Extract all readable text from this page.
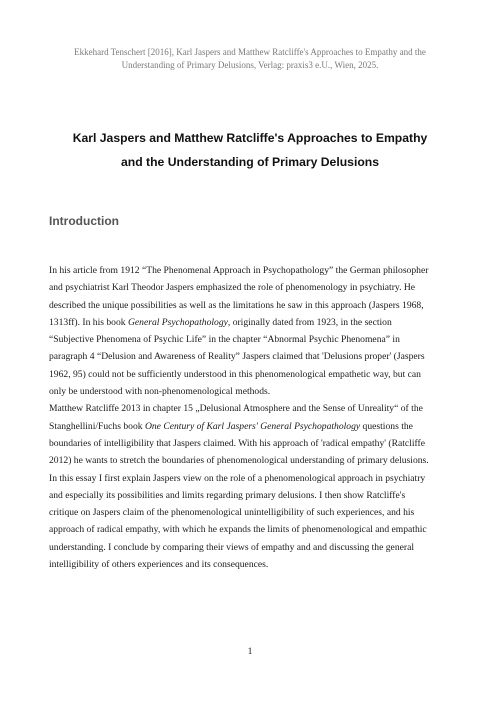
Ekkehard Tenschert [2016], Karl Jaspers and Matthew Ratcliffe's Approaches to Empathy and the
Understanding of Primary Delusions, Verlag: praxis3 e.U., Wien, 2025.
Karl Jaspers and Matthew Ratcliffe's Approaches to Empathy
and the Understanding of Primary Delusions
Introduction
In his article from 1912 “The Phenomenal Approach in Psychopathology” the German philosopher
and psychiatrist Karl Theodor Jaspers emphasized the role of phenomenology in psychiatry. He
described the unique possibilities as well as the limitations he saw in this approach (Jaspers 1968,
1313ff). In his book General Psychopathology, originally dated from 1923, in the section
“Subjective Phenomena of Psychic Life” in the chapter “Abnormal Psychic Phenomena” in
paragraph 4 “Delusion and Awareness of Reality” Jaspers claimed that 'Delusions proper' (Jaspers
1962, 95) could not be sufficiently understood in this phenomenological empathetic way, but can
only be understood with non-phenomenological methods.
Matthew Ratcliffe 2013 in chapter 15 „Delusional Atmosphere and the Sense of Unreality“ of the
Stanghellini/Fuchs book One Century of Karl Jaspers' General Psychopathology questions the
boundaries of intelligibility that Jaspers claimed. With his approach of 'radical empathy' (Ratcliffe
2012) he wants to stretch the boundaries of phenomenological understanding of primary delusions.
In this essay I first explain Jaspers view on the role of a phenomenological approach in psychiatry
and especially its possibilities and limits regarding primary delusions. I then show Ratcliffe's
critique on Jaspers claim of the phenomenological unintelligibility of such experiences, and his
approach of radical empathy, with which he expands the limits of phenomenological and empathic
understanding. I conclude by comparing their views of empathy and and discussing the general
intelligibility of others experiences and its consequences.
1
